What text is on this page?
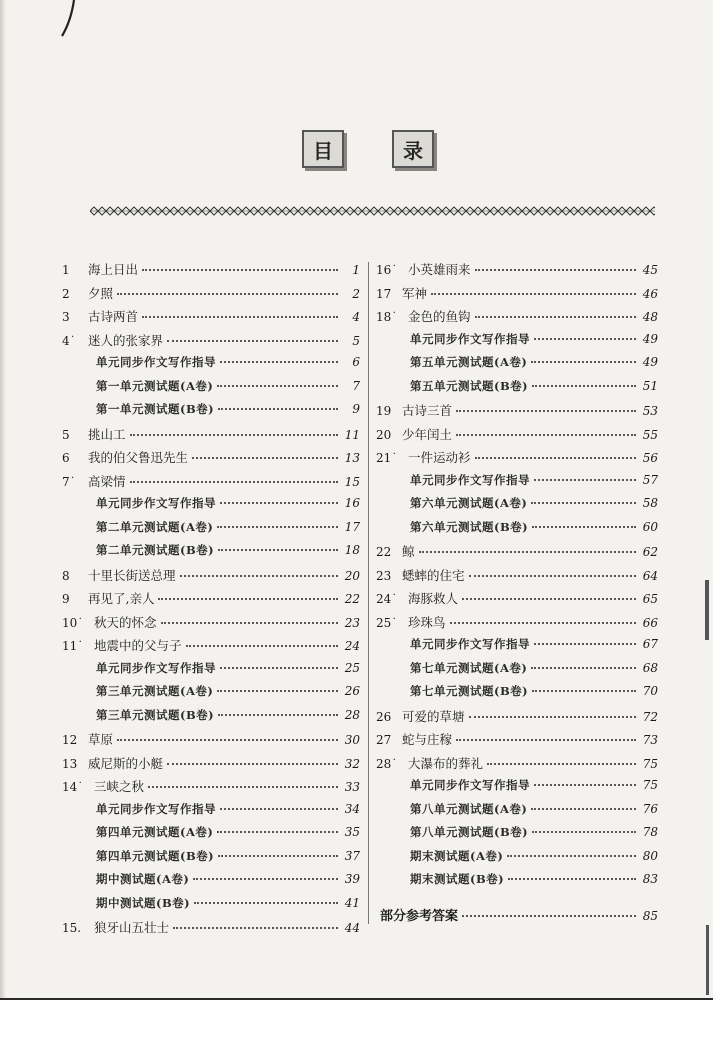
目	录
1	海上日出	1
2	夕照	2
3	古诗两首	4
4˙ 迷人的张家界	5
单元同步作文写作指导	6
第一单元测试题(A卷)	7
第一单元测试题(B卷)	9
5	挑山工	11
6	我的伯父鲁迅先生	13
7˙ 高梁情	15
单元同步作文写作指导	16
第二单元测试题(A卷)	17
第二单元测试题(B卷)	18
8	十里长街送总理	20
9	再见了,亲人	22
10˙ 秋天的怀念	23
11˙ 地震中的父与子	24
单元同步作文写作指导	25
第三单元测试题(A卷)	26
第三单元测试题(B卷)	28
12 草原	30
13 威尼斯的小艇	32
14˙ 三峡之秋	33
单元同步作文写作指导	34
第四单元测试题(A卷)	35
第四单元测试题(B卷)	37
期中测试题(A卷)	39
期中测试题(B卷)	41
15.	狼牙山五壮士	44
16˙ 小英雄雨来	45
17 军神	46
18˙ 金色的鱼钩	48
单元同步作文写作指导	49
第五单元测试题(A卷)	49
第五单元测试题(B卷)	51
19 古诗三首	53
20 少年闰土	55
21˙ 一件运动衫	56
单元同步作文写作指导	57
第六单元测试题(A卷)	58
第六单元测试题(B卷)	60
22 鲸	62
23 蟋蟀的住宅	64
24˙ 海豚救人	65
25˙ 珍珠鸟	66
单元同步作文写作指导	67
第七单元测试题(A卷)	68
第七单元测试题(B卷)	70
26 可爱的草塘	72
27 蛇与庄稼	73
28˙ 大瀑布的葬礼	75
单元同步作文写作指导	75
第八单元测试题(A卷)	76
第八单元测试题(B卷)	78
期末测试题(A卷)	80
期末测试题(B卷)	83
部分参考答案	85
